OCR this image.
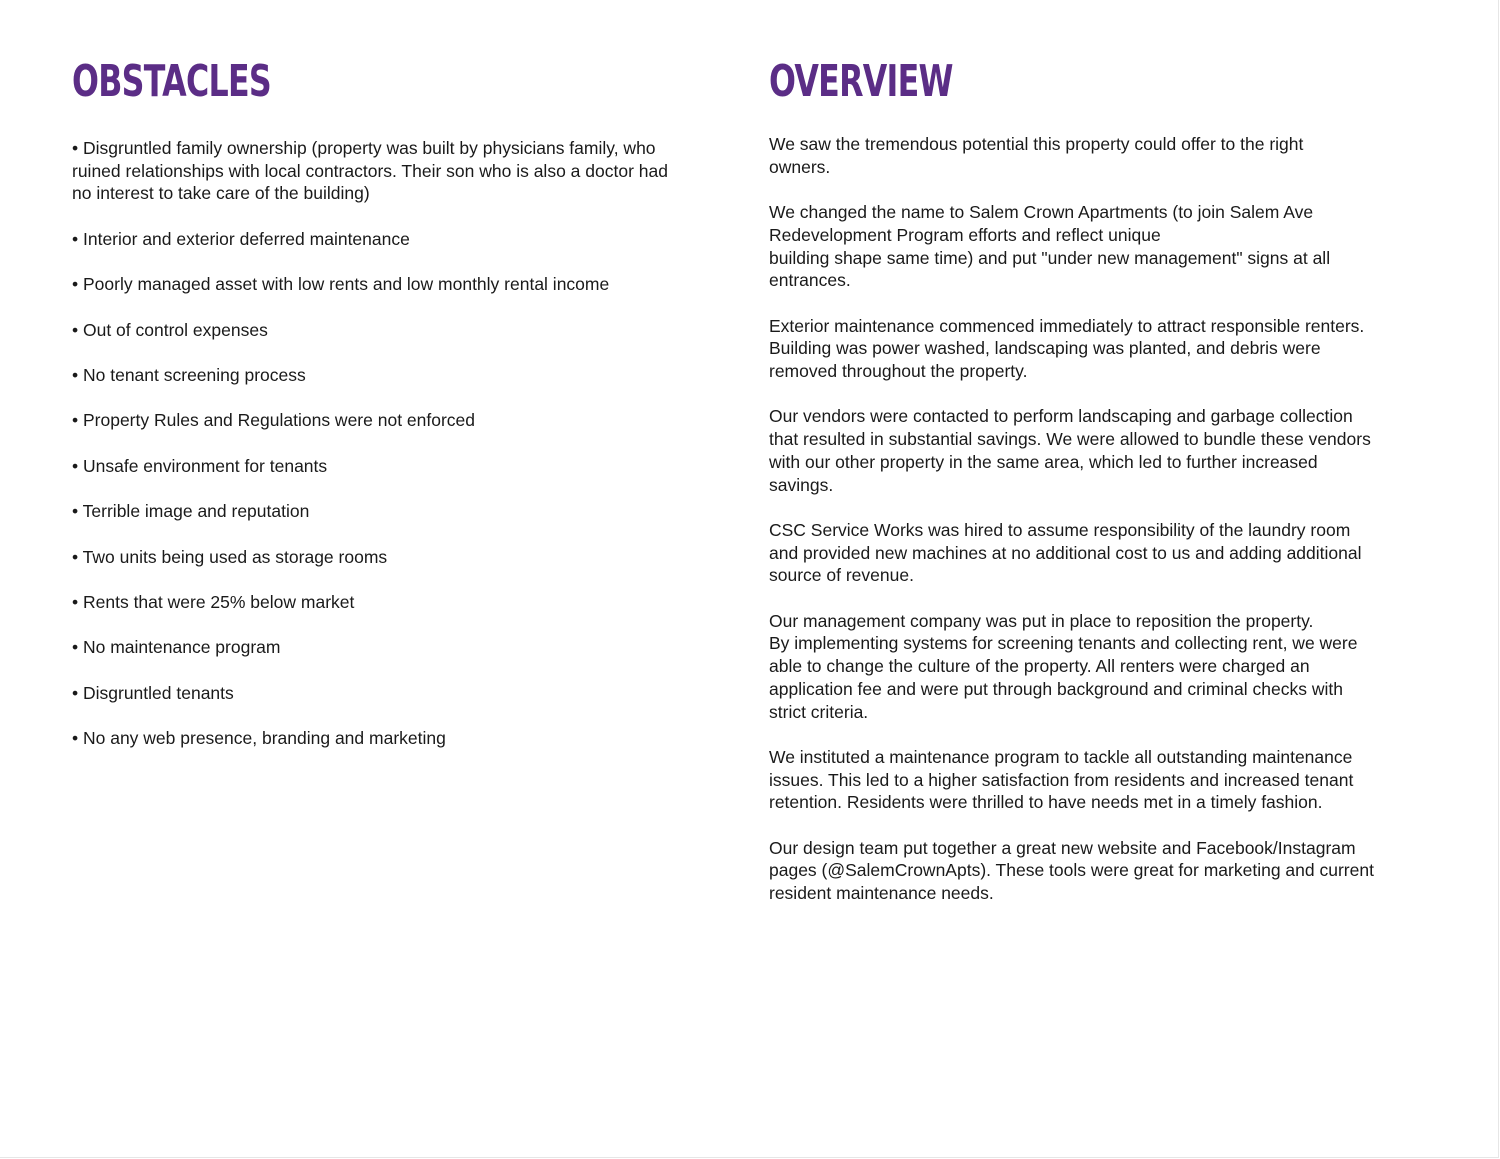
OBSTACLES
• Disgruntled family ownership (property was built by physicians family, who ruined relationships with local contractors. Their son who is also a doctor had no interest to take care of the building)
• Interior and exterior deferred maintenance
• Poorly managed asset with low rents and low monthly rental income
• Out of control expenses
• No tenant screening process
• Property Rules and Regulations were not enforced
• Unsafe environment for tenants
• Terrible image and reputation
• Two units being used as storage rooms
• Rents that were 25% below market
• No maintenance program
• Disgruntled tenants
• No any web presence, branding and marketing
OVERVIEW

We saw the tremendous potential this property could offer to the right
owners.

We changed the name to Salem Crown Apartments (to join Salem Ave
Redevelopment Program efforts and reflect unique
building shape same time) and put "under new management" signs at all
entrances.

Exterior maintenance commenced immediately to attract responsible renters.
Building was power washed, landscaping was planted, and debris were
removed throughout the property.

Our vendors were contacted to perform landscaping and garbage collection
that resulted in substantial savings. We were allowed to bundle these vendors
with our other property in the same area, which led to further increased
savings.

CSC Service Works was hired to assume responsibility of the laundry room
and provided new machines at no additional cost to us and adding additional
source of revenue.

Our management company was put in place to reposition the property.
By implementing systems for screening tenants and collecting rent, we were
able to change the culture of the property. All renters were charged an
application fee and were put through background and criminal checks with
strict criteria.

We instituted a maintenance program to tackle all outstanding maintenance
issues. This led to a higher satisfaction from residents and increased tenant
retention. Residents were thrilled to have needs met in a timely fashion.

Our design team put together a great new website and Facebook/Instagram
pages (@SalemCrownApts). These tools were great for marketing and current
resident maintenance needs.
